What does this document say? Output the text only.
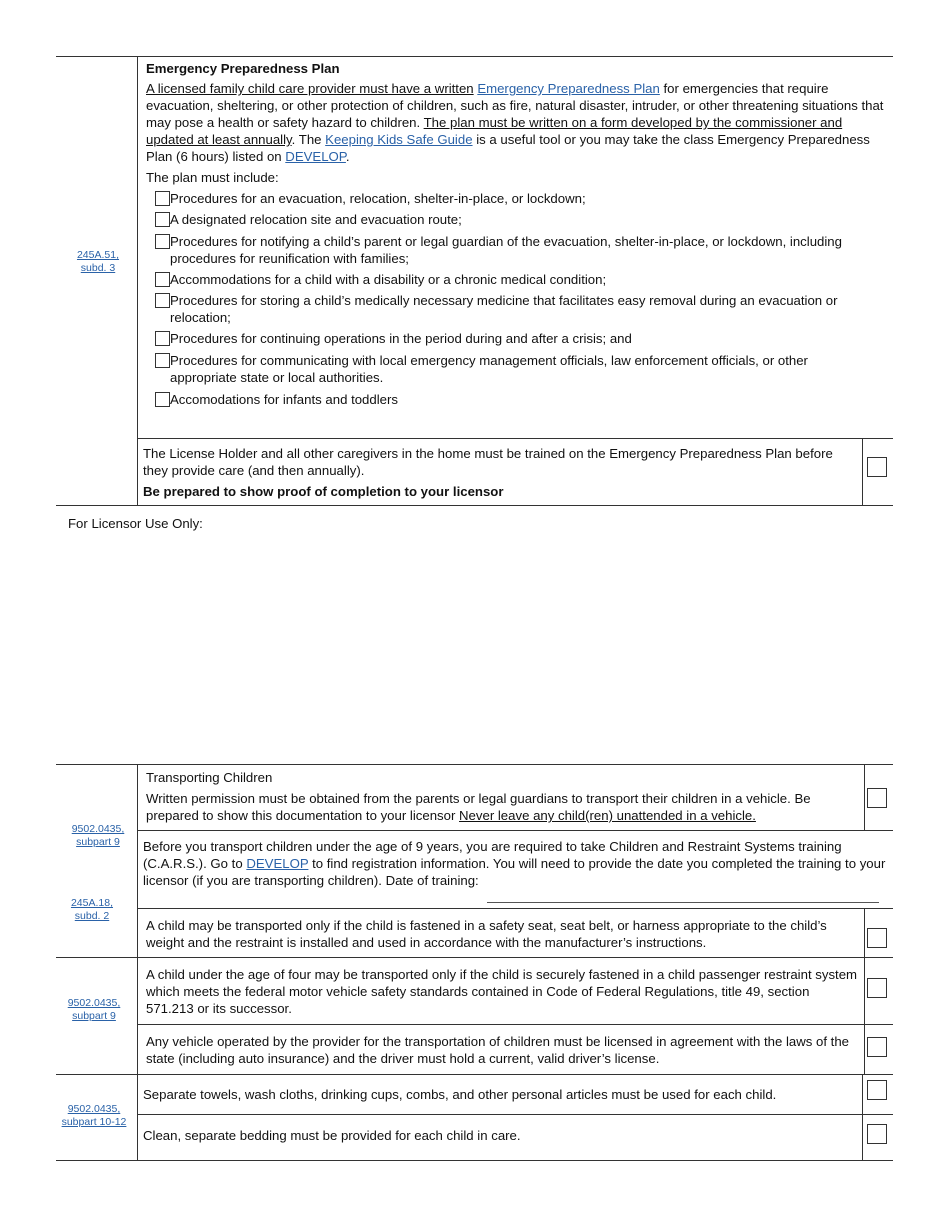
245A.51,
subd. 3
Emergency Preparedness Plan
A licensed family child care provider must have a written Emergency Preparedness Plan for emergencies that require evacuation, sheltering, or other protection of children, such as fire, natural disaster, intruder, or other threatening situations that may pose a health or safety hazard to children. The plan must be written on a form developed by the commissioner and updated at least annually. The Keeping Kids Safe Guide is a useful tool or you may take the class Emergency Preparedness Plan (6 hours) listed on DEVELOP.
The plan must include:
Procedures for an evacuation, relocation, shelter-in-place, or lockdown;
A designated relocation site and evacuation route;
Procedures for notifying a child’s parent or legal guardian of the evacuation, shelter-in-place, or lockdown, including procedures for reunification with families;
Accommodations for a child with a disability or a chronic medical condition;
Procedures for storing a child’s medically necessary medicine that facilitates easy removal during an evacuation or relocation;
Procedures for continuing operations in the period during and after a crisis; and
Procedures for communicating with local emergency management officials, law enforcement officials, or other appropriate state or local authorities.
Accomodations for infants and toddlers
The License Holder and all other caregivers in the home must be trained on the Emergency Preparedness Plan before they provide care (and then annually).
Be prepared to show proof of completion to your licensor
For Licensor Use Only:
9502.0435,
subpart 9
245A.18,
subd. 2
Transporting Children
Written permission must be obtained from the parents or legal guardians to transport their children in a vehicle. Be prepared to show this documentation to your licensor Never leave any child(ren) unattended in a vehicle.
Before you transport children under the age of 9 years, you are required to take Children and Restraint Systems training (C.A.R.S.). Go to DEVELOP to find registration information. You will need to provide the date you completed the training to your licensor (if you are transporting children). Date of training:
A child may be transported only if the child is fastened in a safety seat, seat belt, or harness appropriate to the child’s weight and the restraint is installed and used in accordance with the manufacturer’s instructions.
9502.0435,
subpart 9
A child under the age of four may be transported only if the child is securely fastened in a child passenger restraint system which meets the federal motor vehicle safety standards contained in Code of Federal Regulations, title 49, section 571.213 or its successor.
Any vehicle operated by the provider for the transportation of children must be licensed in agreement with the laws of the state (including auto insurance) and the driver must hold a current, valid driver’s license.
9502.0435,
subpart 10-12
Separate towels, wash cloths, drinking cups, combs, and other personal articles must be used for each child.
Clean, separate bedding must be provided for each child in care.
